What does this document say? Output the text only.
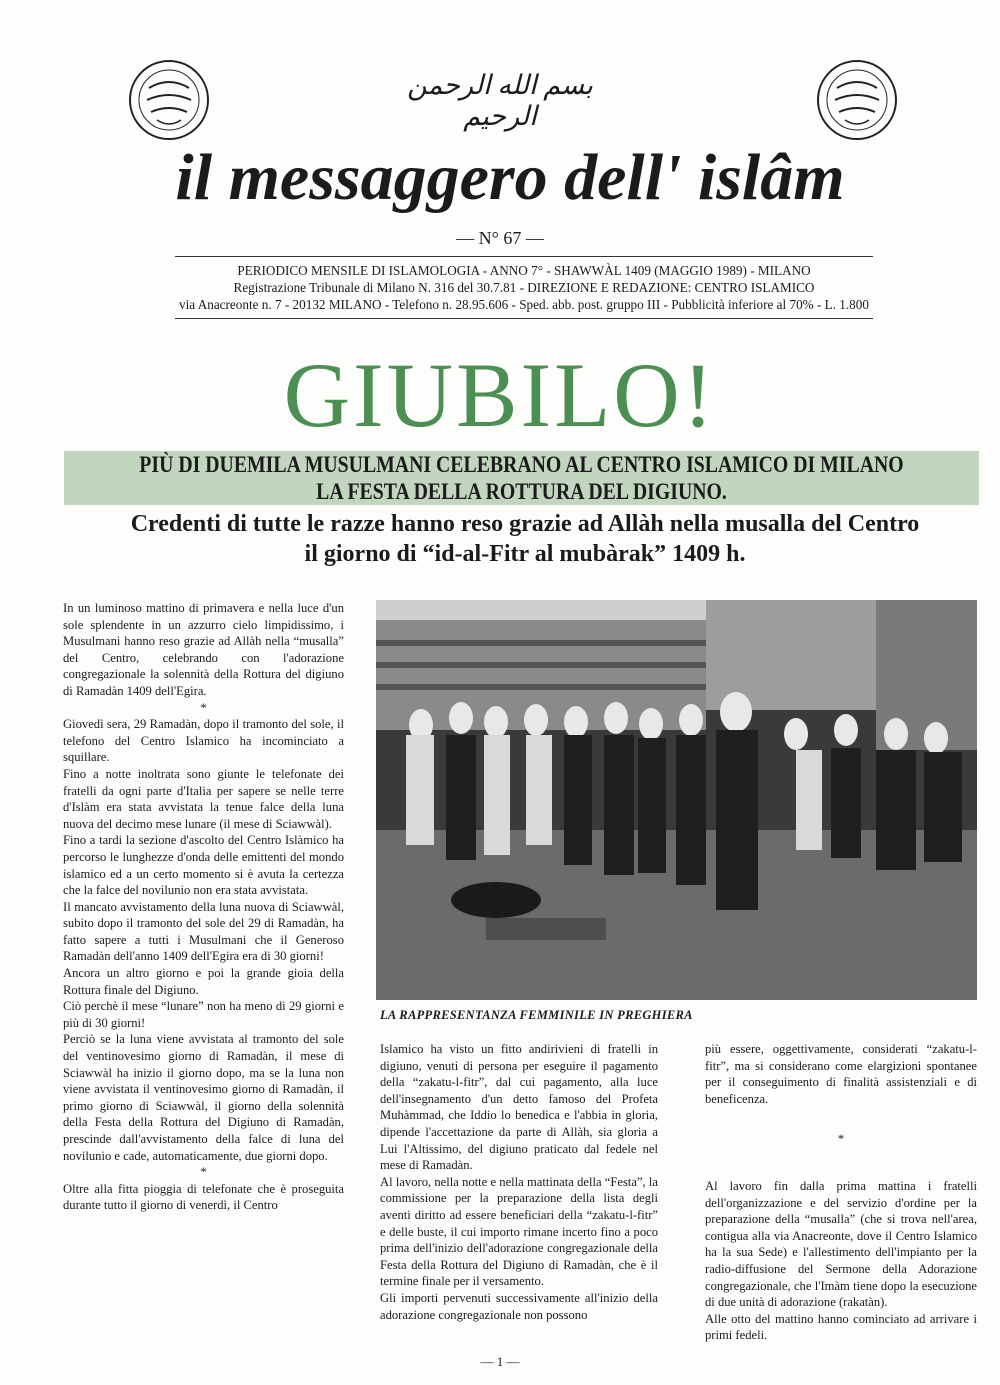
بسم الله الرحمن الرحيم
il messaggero dell' islâm
— N° 67 —
PERIODICO MENSILE DI ISLAMOLOGIA - ANNO 7° - SHAWWÀL 1409 (MAGGIO 1989) - MILANO
Registrazione Tribunale di Milano N. 316 del 30.7.81 - DIREZIONE E REDAZIONE: CENTRO ISLAMICO
via Anacreonte n. 7 - 20132 MILANO - Telefono n. 28.95.606 - Sped. abb. post. gruppo III - Pubblicità inferiore al 70% - L. 1.800
GIUBILO!
PIÙ DI DUEMILA MUSULMANI CELEBRANO AL CENTRO ISLAMICO DI MILANO
LA FESTA DELLA ROTTURA DEL DIGIUNO.
Credenti di tutte le razze hanno reso grazie ad Allàh nella musalla del Centro
il giorno di “id-al-Fitr al mubàrak” 1409 h.

In un luminoso mattino di primavera e nella luce d'un sole splendente in un azzurro cielo limpidissimo, i Musulmani hanno reso grazie ad Allàh nella “musalla” del Centro, celebrando con l'adorazione congregazionale la solennità della Rottura del digiuno di Ramadàn 1409 dell'Egira.

*

Giovedì sera, 29 Ramadàn, dopo il tramonto del sole, il telefono del Centro Islamico ha incominciato a squillare.

Fino a notte inoltrata sono giunte le telefonate dei fratelli da ogni parte d'Italia per sapere se nelle terre d'Islàm era stata avvistata la tenue falce della luna nuova del decimo mese lunare (il mese di Sciawwàl).

Fino a tardi la sezione d'ascolto del Centro Islàmico ha percorso le lunghezze d'onda delle emittenti del mondo islamico ed a un certo momento si è avuta la certezza che la falce del novilunio non era stata avvistata.

Il mancato avvistamento della luna nuova di Sciawwàl, subito dopo il tramonto del sole del 29 di Ramadàn, ha fatto sapere a tutti i Musulmani che il Generoso Ramadàn dell'anno 1409 dell'Egira era di 30 giorni!

Ancora un altro giorno e poi la grande gioia della Rottura finale del Digiuno.

Ciò perchè il mese “lunare” non ha meno di 29 giorni e più di 30 giorni!

Perciò se la luna viene avvistata al tramonto del sole del ventinovesimo giorno di Ramadàn, il mese di Sciawwàl ha inizio il giorno dopo, ma se la luna non viene avvistata il ventinovesimo giorno di Ramadàn, il primo giorno di Sciawwàl, il giorno della solennità della Festa della Rottura del Digiuno di Ramadàn, prescinde dall'avvistamento della falce di luna del novilunio e cade, automaticamente, due giorni dopo.

*

Oltre alla fitta pioggia di telefonate che è proseguita durante tutto il giorno di venerdì, il Centro

LA RAPPRESENTANZA FEMMINILE IN PREGHIERA

Islamico ha visto un fitto andirivieni di fratelli in digiuno, venuti di persona per eseguire il pagamento della “zakatu-l-fitr”, dal cui pagamento, alla luce dell'insegnamento d'un detto famoso del Profeta Muhàmmad, che Iddio lo benedica e l'abbia in gloria, dipende l'accettazione da parte di Allàh, sia gloria a Lui l'Altissimo, del digiuno praticato dal fedele nel mese di Ramadàn.

Al lavoro, nella notte e nella mattinata della “Festa”, la commissione per la preparazione della lista degli aventi diritto ad essere beneficiari della “zakatu-l-fitr” e delle buste, il cui importo rimane incerto fino a poco prima dell'inizio dell'adorazione congregazionale della Festa della Rottura del Digiuno di Ramadàn, che è il termine finale per il versamento.

Gli importi pervenuti successivamente all'inizio della adorazione congregazionale non possono

più essere, oggettivamente, considerati “zakatu-l-fitr”, ma si considerano come elargizioni spontanee per il conseguimento di finalità assistenziali e di beneficenza.

*

Al lavoro fin dalla prima mattina i fratelli dell'organizzazione e del servizio d'ordine per la preparazione della “musalla” (che si trova nell'area, contigua alla via Anacreonte, dove il Centro Islamico ha la sua Sede) e l'allestimento dell'impianto per la radio-diffusione del Sermone della Adorazione congregazionale, che l'Imàm tiene dopo la esecuzione di due unità di adorazione (rakatàn).

Alle otto del mattino hanno cominciato ad arrivare i primi fedeli.

— 1 —
